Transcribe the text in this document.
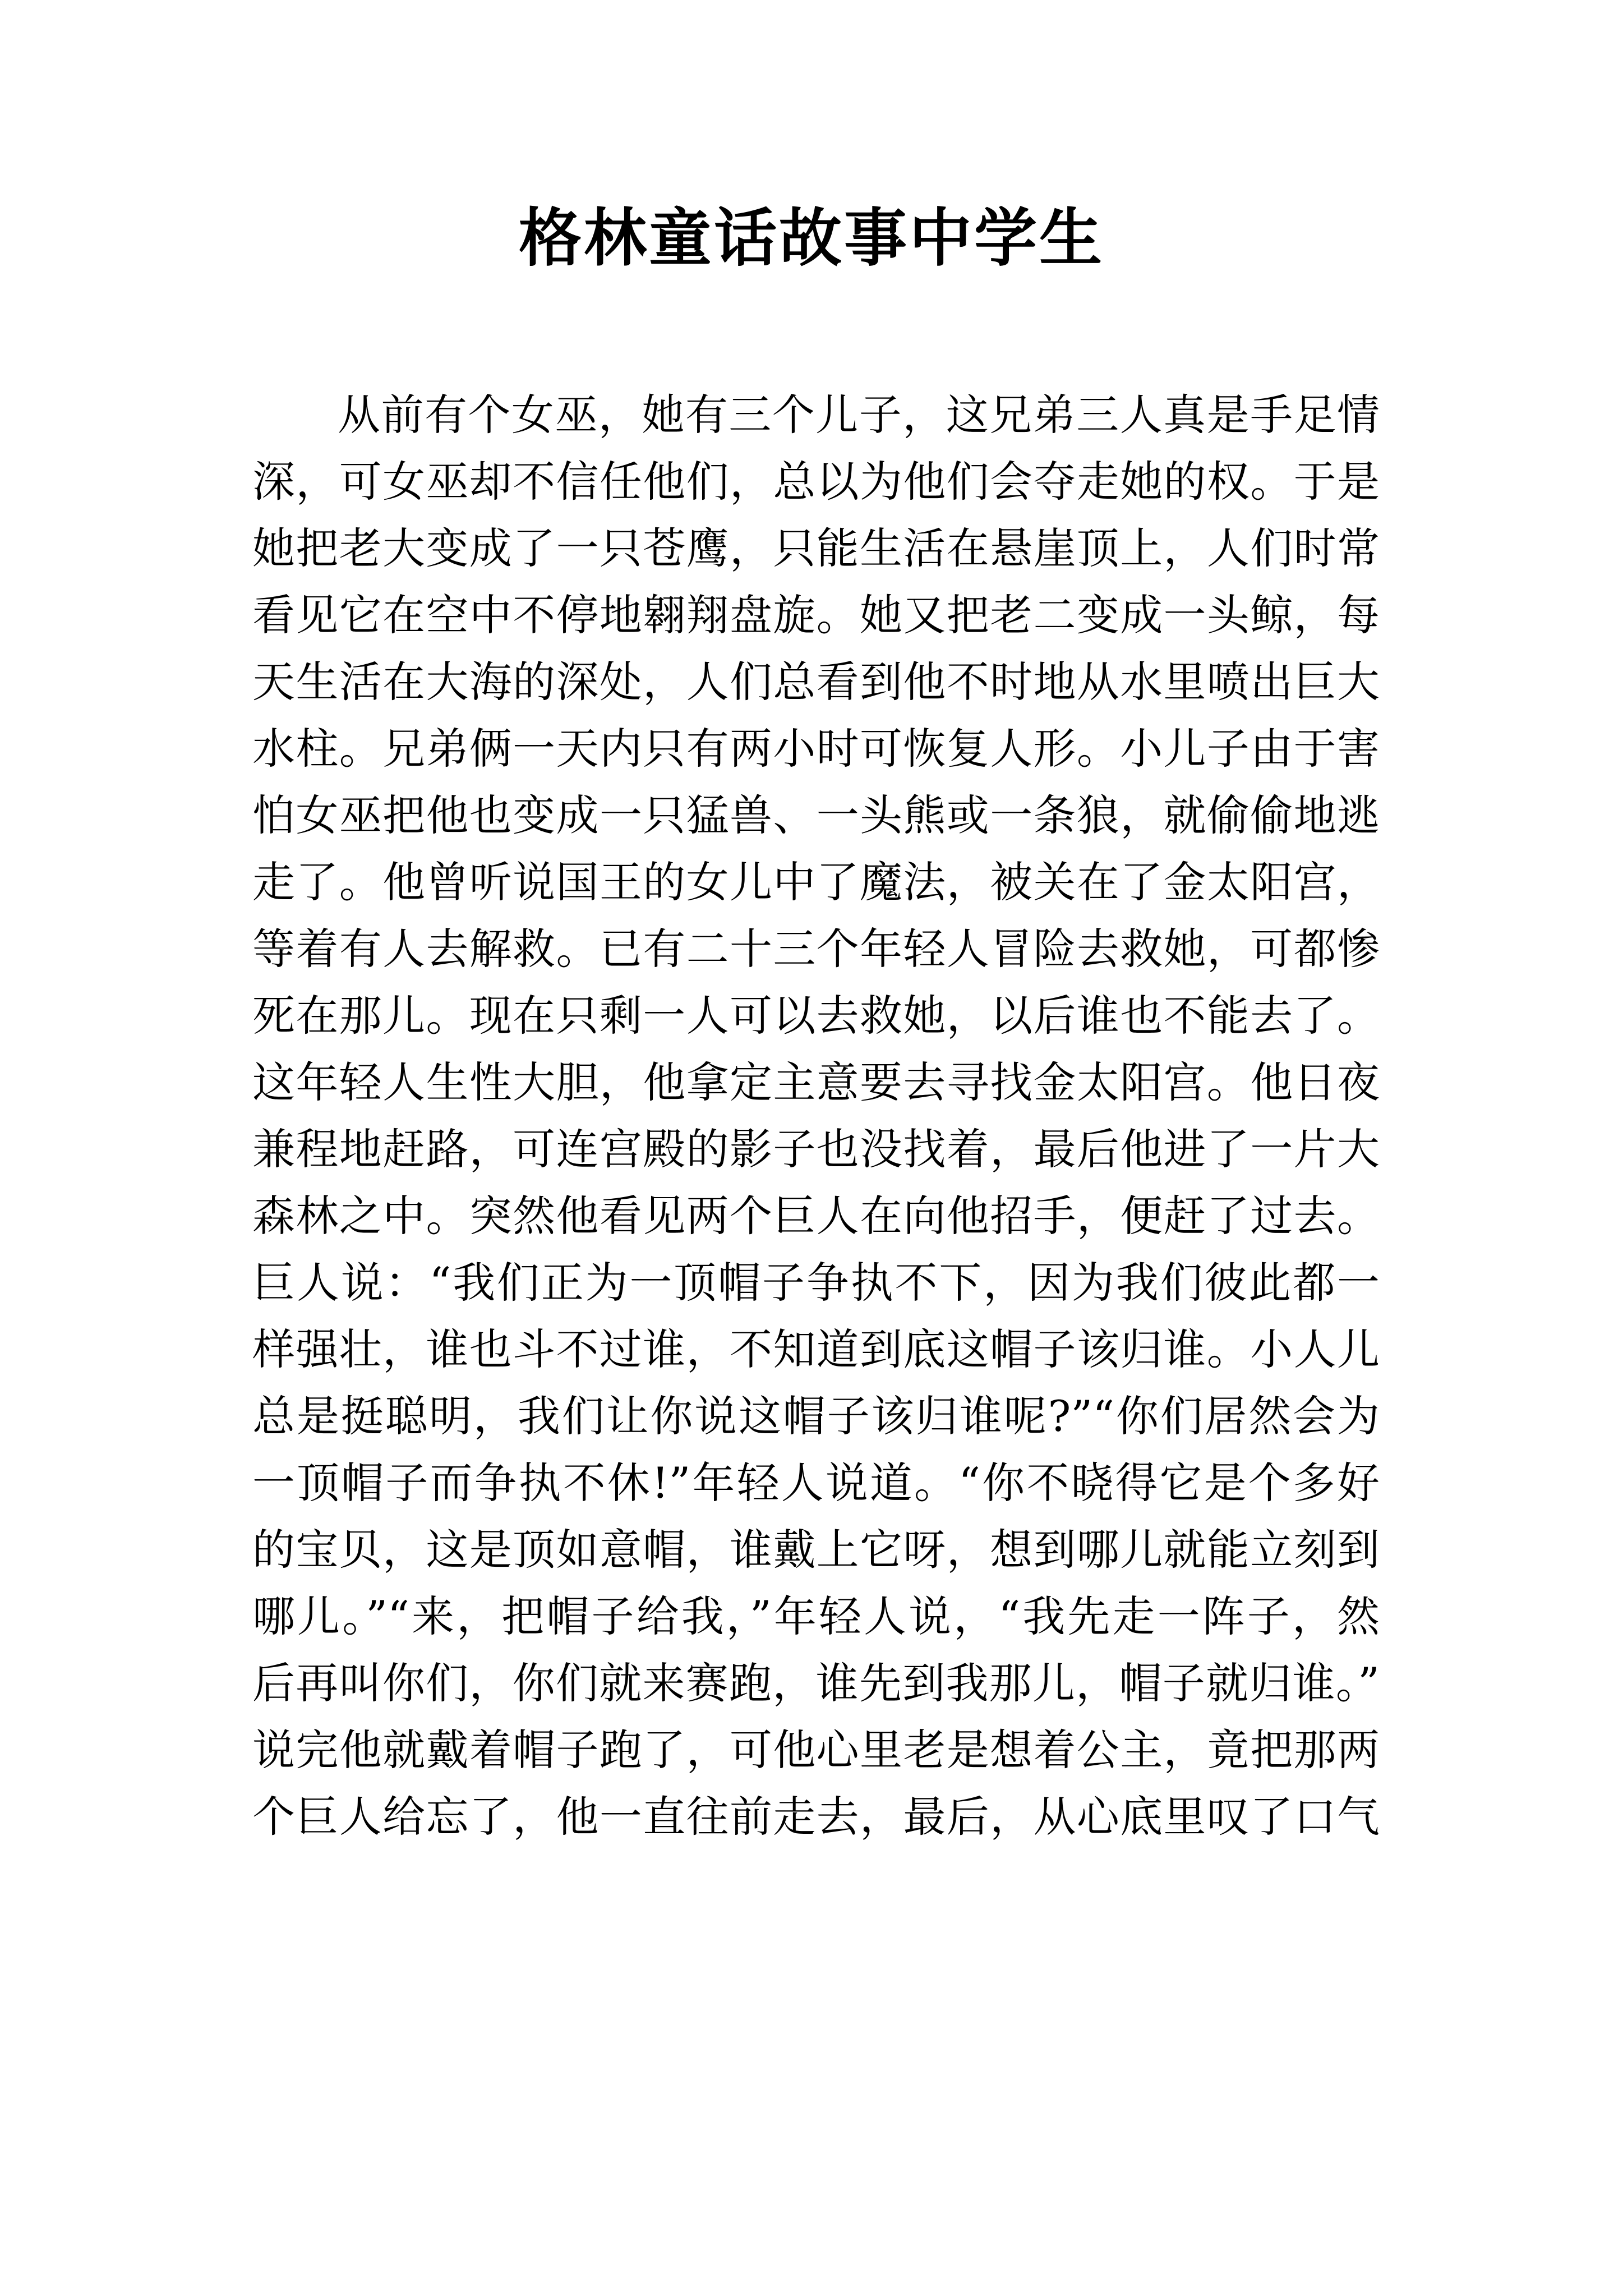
格林童话故事中学生
从前有个女巫，她有三个儿子，这兄弟三人真是手足情
深，可女巫却不信任他们，总以为他们会夺走她的权。于是
她把老大变成了一只苍鹰，只能生活在悬崖顶上，人们时常
看见它在空中不停地翱翔盘旋。她又把老二变成一头鲸，每
天生活在大海的深处，人们总看到他不时地从水里喷出巨大
水柱。兄弟俩一天内只有两小时可恢复人形。小儿子由于害
怕女巫把他也变成一只猛兽、一头熊或一条狼，就偷偷地逃
走了。他曾听说国王的女儿中了魔法，被关在了金太阳宫，
等着有人去解救。已有二十三个年轻人冒险去救她，可都惨
死在那儿。现在只剩一人可以去救她，以后谁也不能去了。
这年轻人生性大胆，他拿定主意要去寻找金太阳宫。他日夜
兼程地赶路，可连宫殿的影子也没找着，最后他进了一片大
森林之中。突然他看见两个巨人在向他招手，便赶了过去。
巨人说：“我们正为一顶帽子争执不下，因为我们彼此都一
样强壮，谁也斗不过谁，不知道到底这帽子该归谁。小人儿
总是挺聪明，我们让你说这帽子该归谁呢?”“你们居然会为
一顶帽子而争执不休!”年轻人说道。“你不晓得它是个多好
的宝贝，这是顶如意帽，谁戴上它呀，想到哪儿就能立刻到
哪儿。”“来，把帽子给我，”年轻人说，“我先走一阵子，然
后再叫你们，你们就来赛跑，谁先到我那儿，帽子就归谁。”
说完他就戴着帽子跑了，可他心里老是想着公主，竟把那两
个巨人给忘了，他一直往前走去，最后，从心底里叹了口气
